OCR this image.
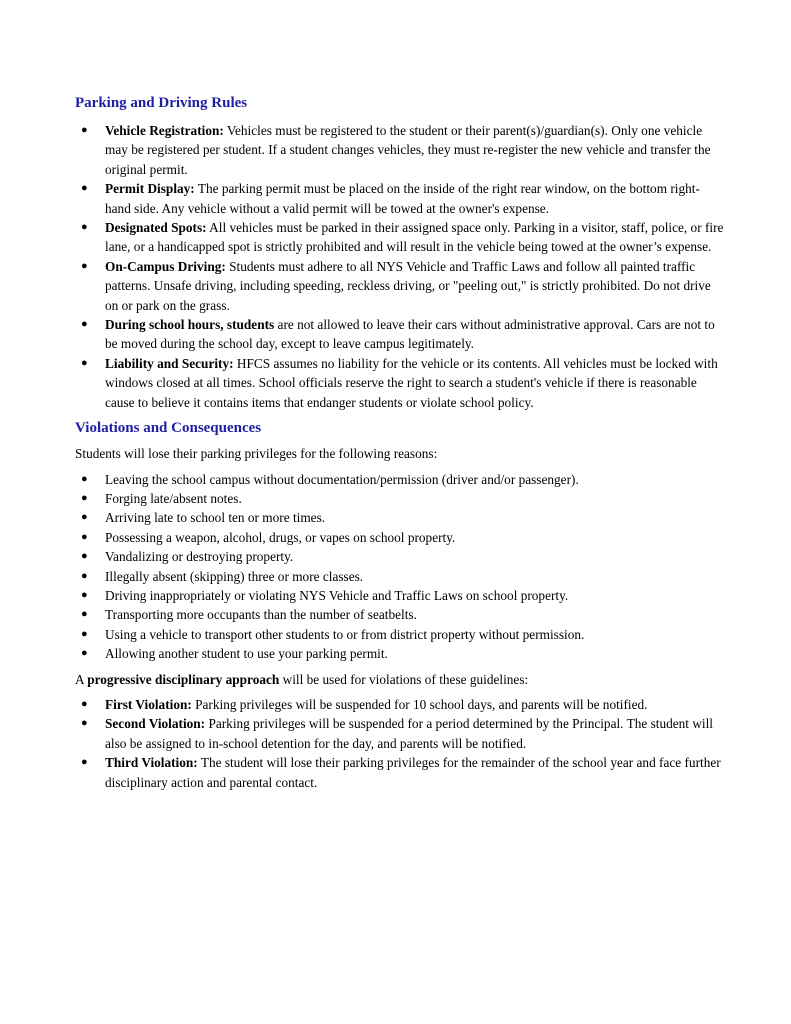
Parking and Driving Rules
● Vehicle Registration: Vehicles must be registered to the student or their parent(s)/guardian(s). Only one vehicle may be registered per student. If a student changes vehicles, they must re-register the new vehicle and transfer the original permit.
● Permit Display: The parking permit must be placed on the inside of the right rear window, on the bottom right-hand side. Any vehicle without a valid permit will be towed at the owner's expense.
● Designated Spots: All vehicles must be parked in their assigned space only. Parking in a visitor, staff, police, or fire lane, or a handicapped spot is strictly prohibited and will result in the vehicle being towed at the owner’s expense.
● On-Campus Driving: Students must adhere to all NYS Vehicle and Traffic Laws and follow all painted traffic patterns. Unsafe driving, including speeding, reckless driving, or "peeling out," is strictly prohibited. Do not drive on or park on the grass.
● During school hours, students are not allowed to leave their cars without administrative approval. Cars are not to be moved during the school day, except to leave campus legitimately.
● Liability and Security: HFCS assumes no liability for the vehicle or its contents. All vehicles must be locked with windows closed at all times. School officials reserve the right to search a student's vehicle if there is reasonable cause to believe it contains items that endanger students or violate school policy.
Violations and Consequences

Students will lose their parking privileges for the following reasons:

● Leaving the school campus without documentation/permission (driver and/or passenger).
● Forging late/absent notes.
● Arriving late to school ten or more times.
● Possessing a weapon, alcohol, drugs, or vapes on school property.
● Vandalizing or destroying property.
● Illegally absent (skipping) three or more classes.
● Driving inappropriately or violating NYS Vehicle and Traffic Laws on school property.
● Transporting more occupants than the number of seatbelts.
● Using a vehicle to transport other students to or from district property without permission.
● Allowing another student to use your parking permit.

A progressive disciplinary approach will be used for violations of these guidelines:

● First Violation: Parking privileges will be suspended for 10 school days, and parents will be notified.
● Second Violation: Parking privileges will be suspended for a period determined by the Principal. The student will also be assigned to in-school detention for the day, and parents will be notified.
● Third Violation: The student will lose their parking privileges for the remainder of the school year and face further disciplinary action and parental contact.
